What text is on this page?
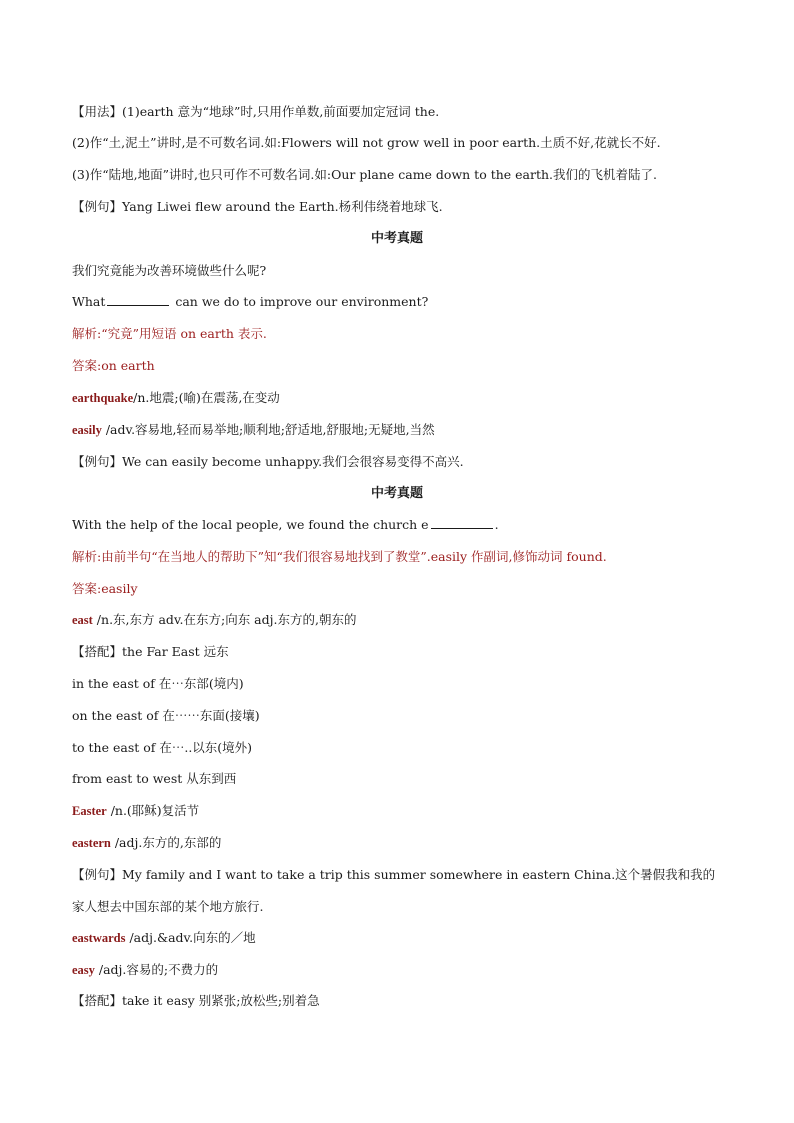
【用法】(1)earth 意为“地球”时,只用作单数,前面要加定冠词 the.
(2)作“土,泥土”讲时,是不可数名词.如:Flowers will not grow well in poor earth.土质不好,花就长不好.
(3)作“陆地,地面”讲时,也只可作不可数名词.如:Our plane came down to the earth.我们的飞机着陆了.
【例句】Yang Liwei flew around the Earth.杨利伟绕着地球飞.
中考真题
我们究竟能为改善环境做些什么呢?
What	can we do to improve our environment?
解析:“究竟”用短语 on earth 表示.
答案:on earth
earthquake/n.地震;(喻)在震荡,在变动
easily /adv.容易地,轻而易举地;顺利地;舒适地,舒服地;无疑地,当然
【例句】We can easily become unhappy.我们会很容易变得不高兴.
中考真题
With the help of the local people, we found the church e	.
解析:由前半句“在当地人的帮助下”知“我们很容易地找到了教堂”.easily 作副词,修饰动词 found.
答案:easily
east /n.东,东方 adv.在东方;向东 adj.东方的,朝东的
【搭配】the Far East 远东
in the east of 在⋯东部(境内)
on the east of 在⋯⋯东面(接壤)
to the east of 在⋯..以东(境外)
from east to west 从东到西
Easter /n.(耶稣)复活节
eastern /adj.东方的,东部的
【例句】My family and I want to take a trip this summer somewhere in eastern China.这个暑假我和我的家人想去中国东部的某个地方旅行.
eastwards /adj.&adv.向东的／地
easy /adj.容易的;不费力的
【搭配】take it easy 别紧张;放松些;别着急
